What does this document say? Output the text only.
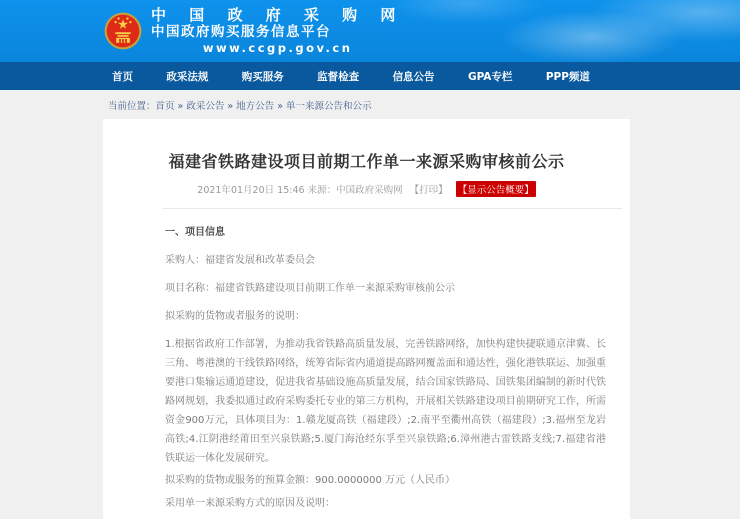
中 国 政 府 采 购 网
中国政府购买服务信息平台
www.ccgp.gov.cn
首页	政采法规	购买服务	监督检查	信息公告	GPA专栏	PPP频道
当前位置：首页 » 政采公告 » 地方公告 » 单一来源公告和公示
福建省铁路建设项目前期工作单一来源采购审核前公示
2021年01月20日 15:46 来源：中国政府采购网 【打印】 【显示公告概要】

一、项目信息

采购人：福建省发展和改革委员会

项目名称：福建省铁路建设项目前期工作单一来源采购审核前公示

拟采购的货物或者服务的说明：

1.根据省政府工作部署，为推动我省铁路高质量发展，完善铁路网络，加快构建快捷联通京津冀、长三角、粤港澳的干线铁路网络，统筹省际省内通道提高路网覆盖面和通达性，强化港铁联运、加强重要港口集输运通道建设，促进我省基础设施高质量发展，结合国家铁路局、国铁集团编制的新时代铁路网规划，我委拟通过政府采购委托专业的第三方机构，开展相关铁路建设项目前期研究工作，所需资金900万元，具体项目为：1.赣龙厦高铁（福建段）;2.南平至衢州高铁（福建段）;3.福州至龙岩高铁;4.江阴港经莆田至兴泉铁路;5.厦门海沧经东孚至兴泉铁路;6.漳州港古雷铁路支线;7.福建省港铁联运一体化发展研究。

拟采购的货物或服务的预算金额：900.0000000 万元（人民币）

采用单一来源采购方式的原因及说明：
